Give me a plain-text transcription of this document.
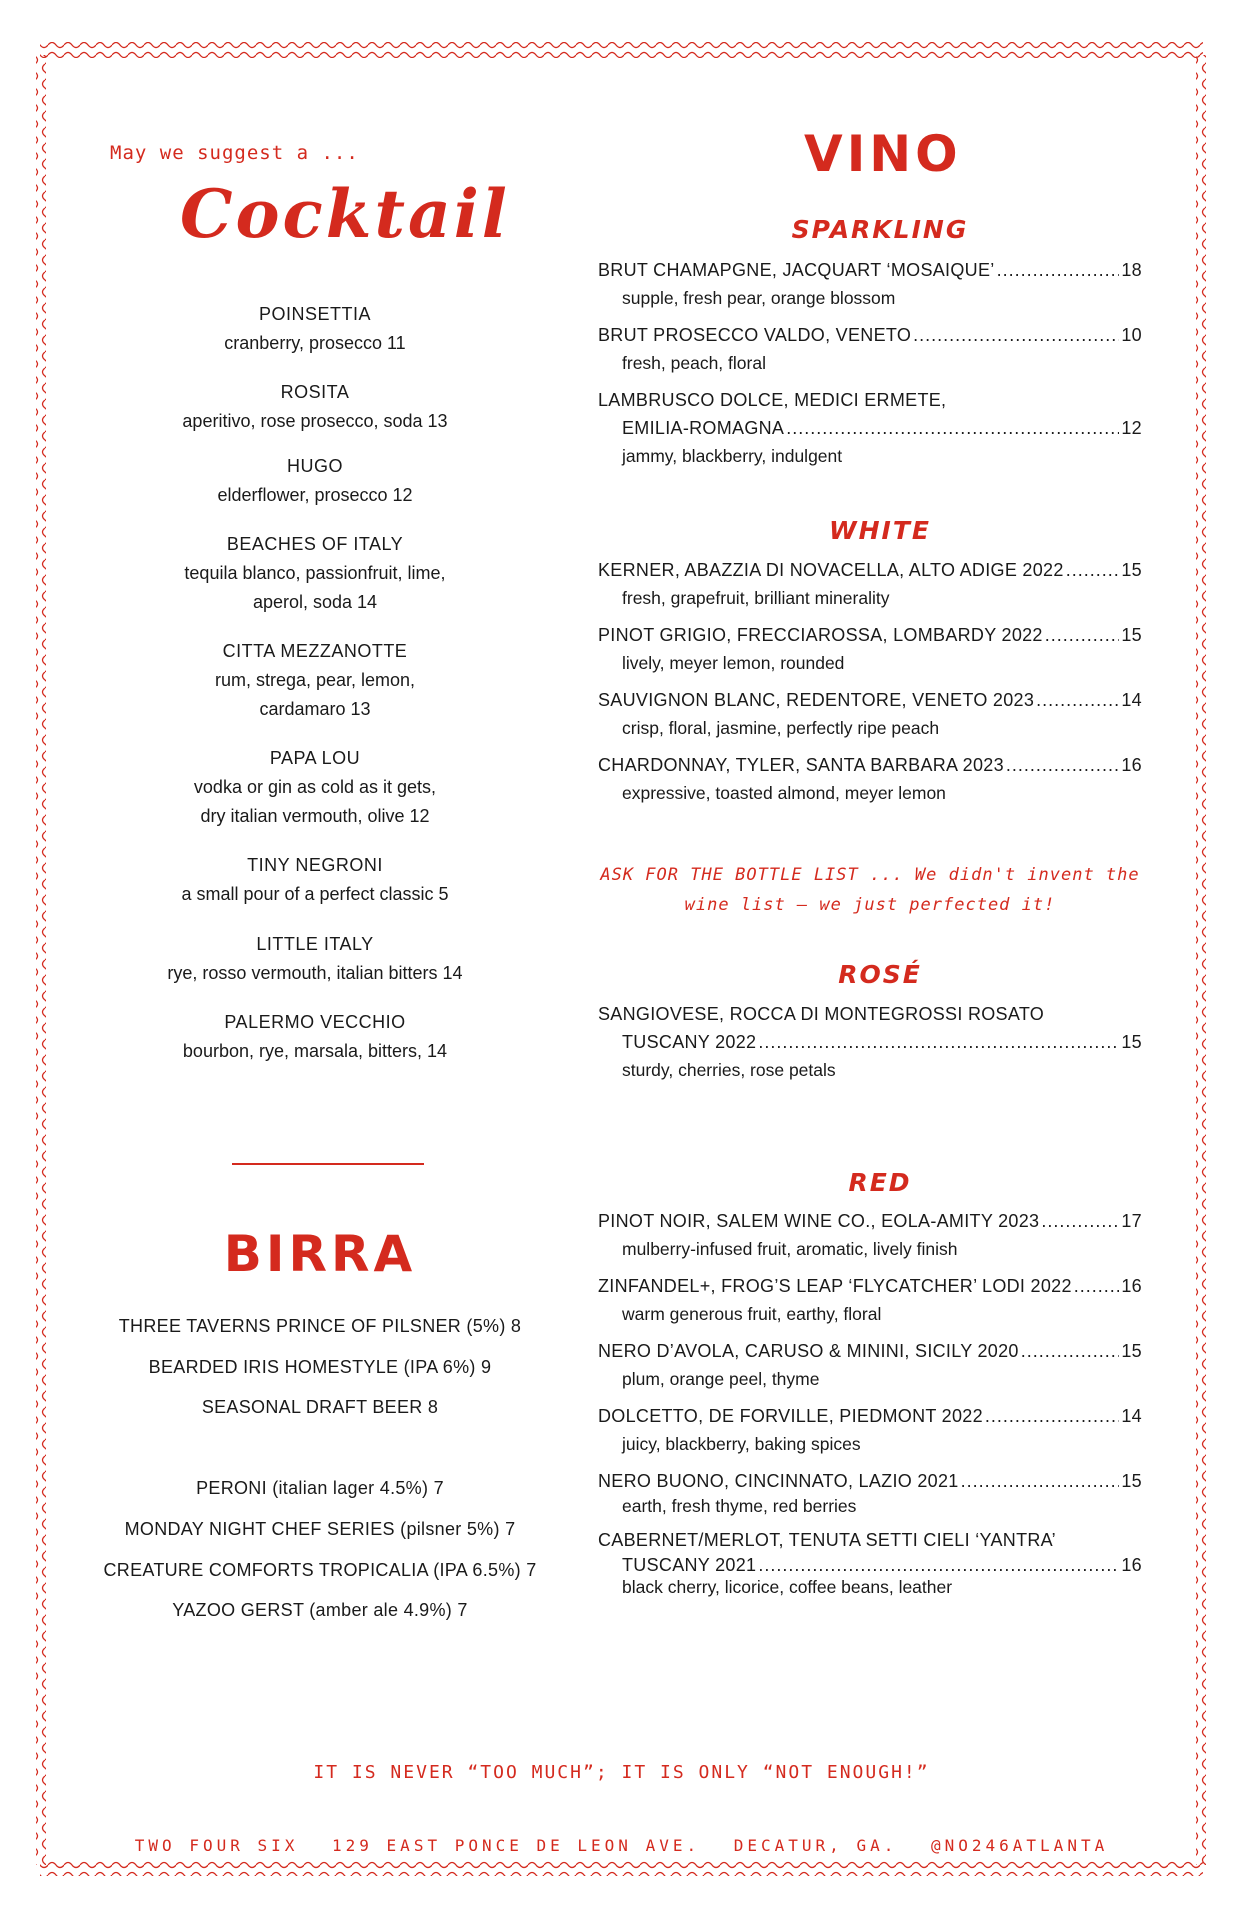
May we suggest a ...
Cocktail
POINSETTIA
cranberry, prosecco 11
ROSITA
aperitivo, rose prosecco, soda 13
HUGO
elderflower, prosecco 12
BEACHES OF ITALY
tequila blanco, passionfruit, lime,
aperol, soda 14
CITTA MEZZANOTTE
rum, strega, pear, lemon,
cardamaro 13
PAPA LOU
vodka or gin as cold as it gets,
dry italian vermouth, olive 12
TINY NEGRONI
a small pour of a perfect classic 5
LITTLE ITALY
rye, rosso vermouth, italian bitters 14
PALERMO VECCHIO
bourbon, rye, marsala, bitters, 14
BIRRA
THREE TAVERNS PRINCE OF PILSNER (5%) 8
BEARDED IRIS HOMESTYLE (IPA 6%) 9
SEASONAL DRAFT BEER 8
PERONI (italian lager 4.5%) 7
MONDAY NIGHT CHEF SERIES (pilsner 5%) 7
CREATURE COMFORTS TROPICALIA (IPA 6.5%) 7
YAZOO GERST (amber ale 4.9%) 7
VINO
SPARKLING
BRUT CHAMAPGNE, JACQUART ‘MOSAIQUE’ .....	18
supple, fresh pear, orange blossom
BRUT PROSECCO VALDO, VENETO .....	10
fresh, peach, floral
LAMBRUSCO DOLCE, MEDICI ERMETE,
EMILIA-ROMAGNA .....	12
jammy, blackberry, indulgent
WHITE
KERNER, ABAZZIA DI NOVACELLA, ALTO ADIGE 2022 .....	15
fresh, grapefruit, brilliant minerality
PINOT GRIGIO, FRECCIAROSSA, LOMBARDY 2022 .....	15
lively, meyer lemon, rounded
SAUVIGNON BLANC, REDENTORE, VENETO 2023 .....	14
crisp, floral, jasmine, perfectly ripe peach
CHARDONNAY, TYLER, SANTA BARBARA 2023 .....	16
expressive, toasted almond, meyer lemon
ASK FOR THE BOTTLE LIST ... We didn't invent the
wine list — we just perfected it!
ROSÉ
SANGIOVESE, ROCCA DI MONTEGROSSI ROSATO
TUSCANY 2022 .....	15
sturdy, cherries, rose petals
RED
PINOT NOIR, SALEM WINE CO., EOLA-AMITY 2023 .....	17
mulberry-infused fruit, aromatic, lively finish
ZINFANDEL+, FROG’S LEAP ‘FLYCATCHER’ LODI 2022 .....	16
warm generous fruit, earthy, floral
NERO D’AVOLA, CARUSO & MININI, SICILY 2020 .....	15
plum, orange peel, thyme
DOLCETTO, DE FORVILLE, PIEDMONT 2022 .....	14
juicy, blackberry, baking spices
NERO BUONO, CINCINNATO, LAZIO 2021 .....	15
earth, fresh thyme, red berries
CABERNET/MERLOT, TENUTA SETTI CIELI ‘YANTRA’
TUSCANY 2021 .....	16
black cherry, licorice, coffee beans, leather
IT IS NEVER “TOO MUCH”; IT IS ONLY “NOT ENOUGH!”
TWO FOUR SIX 129 EAST PONCE DE LEON AVE. DECATUR, GA. @NO246ATLANTA
